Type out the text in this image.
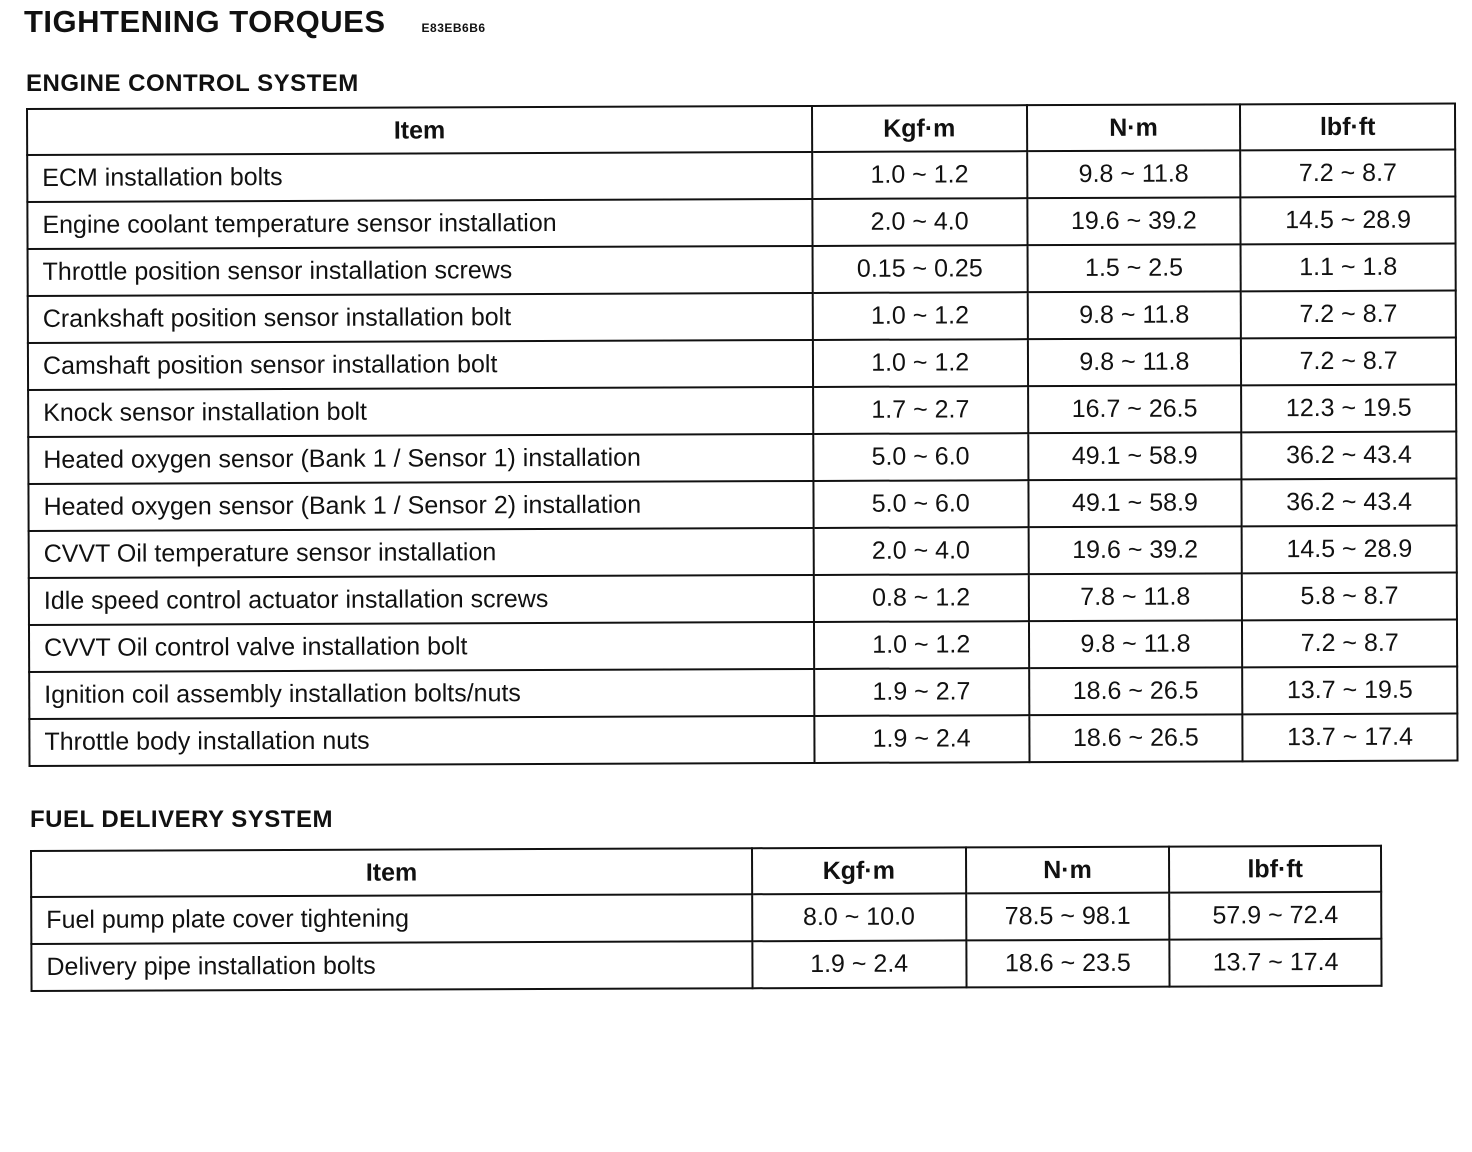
TIGHTENING TORQUES	E83EB6B6
ENGINE CONTROL SYSTEM
Item	Kgf·m	N·m	lbf·ft
ECM installation bolts	1.0 ~ 1.2	9.8 ~ 11.8	7.2 ~ 8.7
Engine coolant temperature sensor installation	2.0 ~ 4.0	19.6 ~ 39.2	14.5 ~ 28.9
Throttle position sensor installation screws	0.15 ~ 0.25	1.5 ~ 2.5	1.1 ~ 1.8
Crankshaft position sensor installation bolt	1.0 ~ 1.2	9.8 ~ 11.8	7.2 ~ 8.7
Camshaft position sensor installation bolt	1.0 ~ 1.2	9.8 ~ 11.8	7.2 ~ 8.7
Knock sensor installation bolt	1.7 ~ 2.7	16.7 ~ 26.5	12.3 ~ 19.5
Heated oxygen sensor (Bank 1 / Sensor 1) installation	5.0 ~ 6.0	49.1 ~ 58.9	36.2 ~ 43.4
Heated oxygen sensor (Bank 1 / Sensor 2) installation	5.0 ~ 6.0	49.1 ~ 58.9	36.2 ~ 43.4
CVVT Oil temperature sensor installation	2.0 ~ 4.0	19.6 ~ 39.2	14.5 ~ 28.9
Idle speed control actuator installation screws	0.8 ~ 1.2	7.8 ~ 11.8	5.8 ~ 8.7
CVVT Oil control valve installation bolt	1.0 ~ 1.2	9.8 ~ 11.8	7.2 ~ 8.7
Ignition coil assembly installation bolts/nuts	1.9 ~ 2.7	18.6 ~ 26.5	13.7 ~ 19.5
Throttle body installation nuts	1.9 ~ 2.4	18.6 ~ 26.5	13.7 ~ 17.4
FUEL DELIVERY SYSTEM
Item	Kgf·m	N·m	lbf·ft
Fuel pump plate cover tightening	8.0 ~ 10.0	78.5 ~ 98.1	57.9 ~ 72.4
Delivery pipe installation bolts	1.9 ~ 2.4	18.6 ~ 23.5	13.7 ~ 17.4
